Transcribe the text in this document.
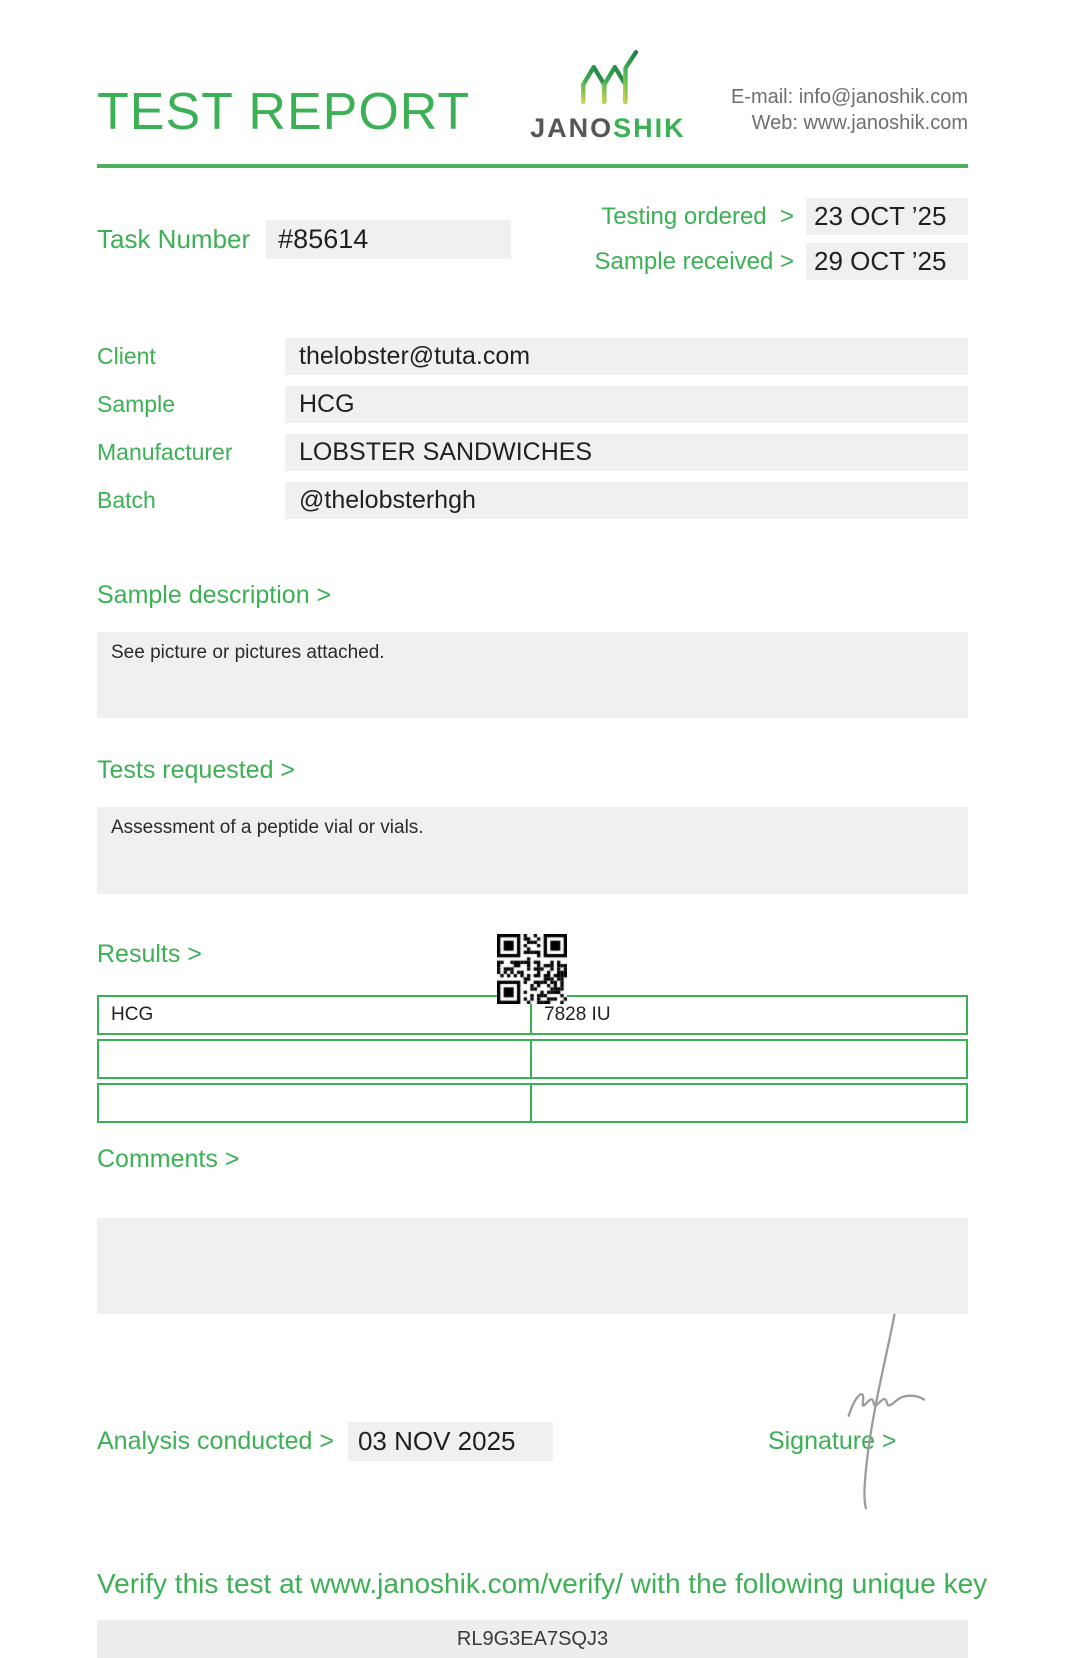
TEST REPORT JANOSHIK
E-mail: info@janoshik.com
Web: www.janoshik.com
Task Number	#85614
Testing ordered  > 23 OCT ’25
Sample received > 29 OCT ’25
Client	thelobster@tuta.com
Sample	HCG
Manufacturer	LOBSTER SANDWICHES
Batch	@thelobsterhgh
Sample description >
See picture or pictures attached.
Tests requested >
Assessment of a peptide vial or vials.
Results >
HCG	7828 IU
Comments >
Analysis conducted > 03 NOV 2025	Signature >
Verify this test at www.janoshik.com/verify/ with the following unique key
RL9G3EA7SQJ3
